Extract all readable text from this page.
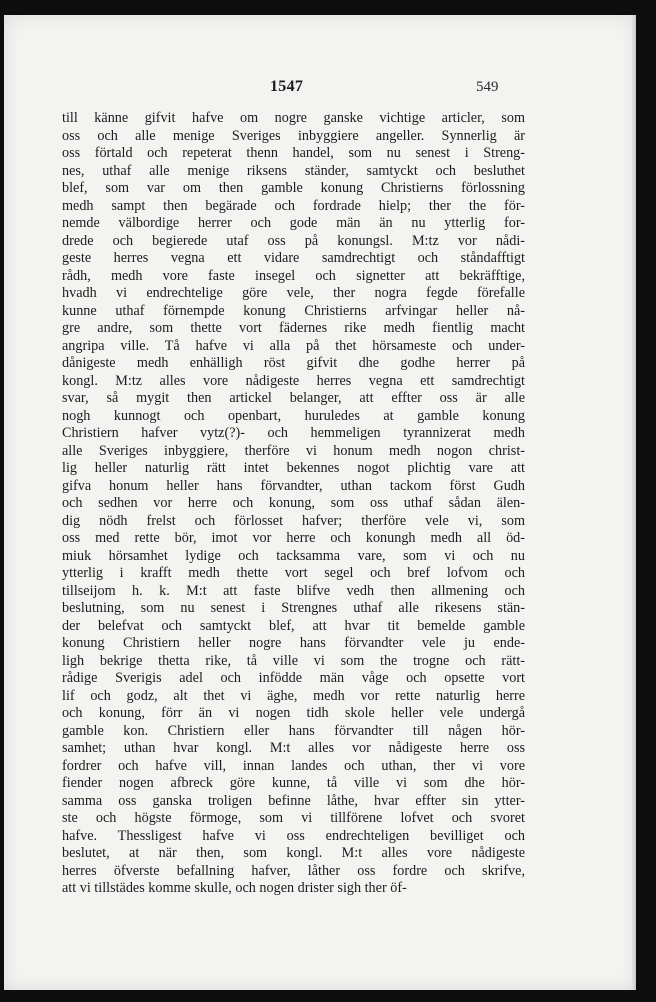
1547	549
till känne gifvit hafve om nogre ganske vichtige articler, som
oss och alle menige Sveriges inbyggiere angeller. Synnerlig är
oss förtald och repeterat thenn handel, som nu senest i Streng-
nes, uthaf alle menige riksens ständer, samtyckt och besluthet
blef, som var om then gamble konung Christierns förlossning
medh sampt then begärade och fordrade hielp; ther the för-
nemde välbordige herrer och gode män än nu ytterlig for-
drede och begierede utaf oss på konungsl. M:tz vor nådi-
geste herres vegna ett vidare samdrechtigt och ståndafftigt
rådh, medh vore faste insegel och signetter att bekräfftige,
hvadh vi endrechtelige göre vele, ther nogra fegde förefalle
kunne uthaf förnempde konung Christierns arfvingar heller nå-
gre andre, som thette vort fädernes rike medh fientlig macht
angripa ville. Tå hafve vi alla på thet hörsameste och under-
dånigeste medh enhälligh röst gifvit dhe godhe herrer på
kongl. M:tz alles vore nådigeste herres vegna ett samdrechtigt
svar, så mygit then artickel belanger, att effter oss är alle
nogh kunnogt och openbart, huruledes at gamble konung
Christiern hafver vytz(?)- och hemmeligen tyrannizerat medh
alle Sveriges inbyggiere, therföre vi honum medh nogon christ-
lig heller naturlig rätt intet bekennes nogot plichtig vare att
gifva honum heller hans förvandter, uthan tackom först Gudh
och sedhen vor herre och konung, som oss uthaf sådan älen-
dig nödh frelst och förlosset hafver; therföre vele vi, som
oss med rette bör, imot vor herre och konungh medh all öd-
miuk hörsamhet lydige och tacksamma vare, som vi och nu
ytterlig i krafft medh thette vort segel och bref lofvom och
tillseijom h. k. M:t att faste blifve vedh then allmening och
beslutning, som nu senest i Strengnes uthaf alle rikesens stän-
der belefvat och samtyckt blef, att hvar tit bemelde gamble
konung Christiern heller nogre hans förvandter vele ju ende-
ligh bekrige thetta rike, tå ville vi som the trogne och rätt-
rådige Sverigis adel och infödde män våge och opsette vort
lif och godz, alt thet vi äghe, medh vor rette naturlig herre
och konung, förr än vi nogen tidh skole heller vele undergå
gamble kon. Christiern eller hans förvandter till någen hör-
samhet; uthan hvar kongl. M:t alles vor nådigeste herre oss
fordrer och hafve vill, innan landes och uthan, ther vi vore
fiender nogen afbreck göre kunne, tå ville vi som dhe hör-
samma oss ganska troligen befinne låthe, hvar effter sin ytter-
ste och högste förmoge, som vi tillförene lofvet och svoret
hafve. Thessligest hafve vi oss endrechteligen bevilliget och
beslutet, at när then, som kongl. M:t alles vore nådigeste
herres öfverste befallning hafver, låther oss fordre och skrifve,
att vi tillstädes komme skulle, och nogen drister sigh ther öf-
